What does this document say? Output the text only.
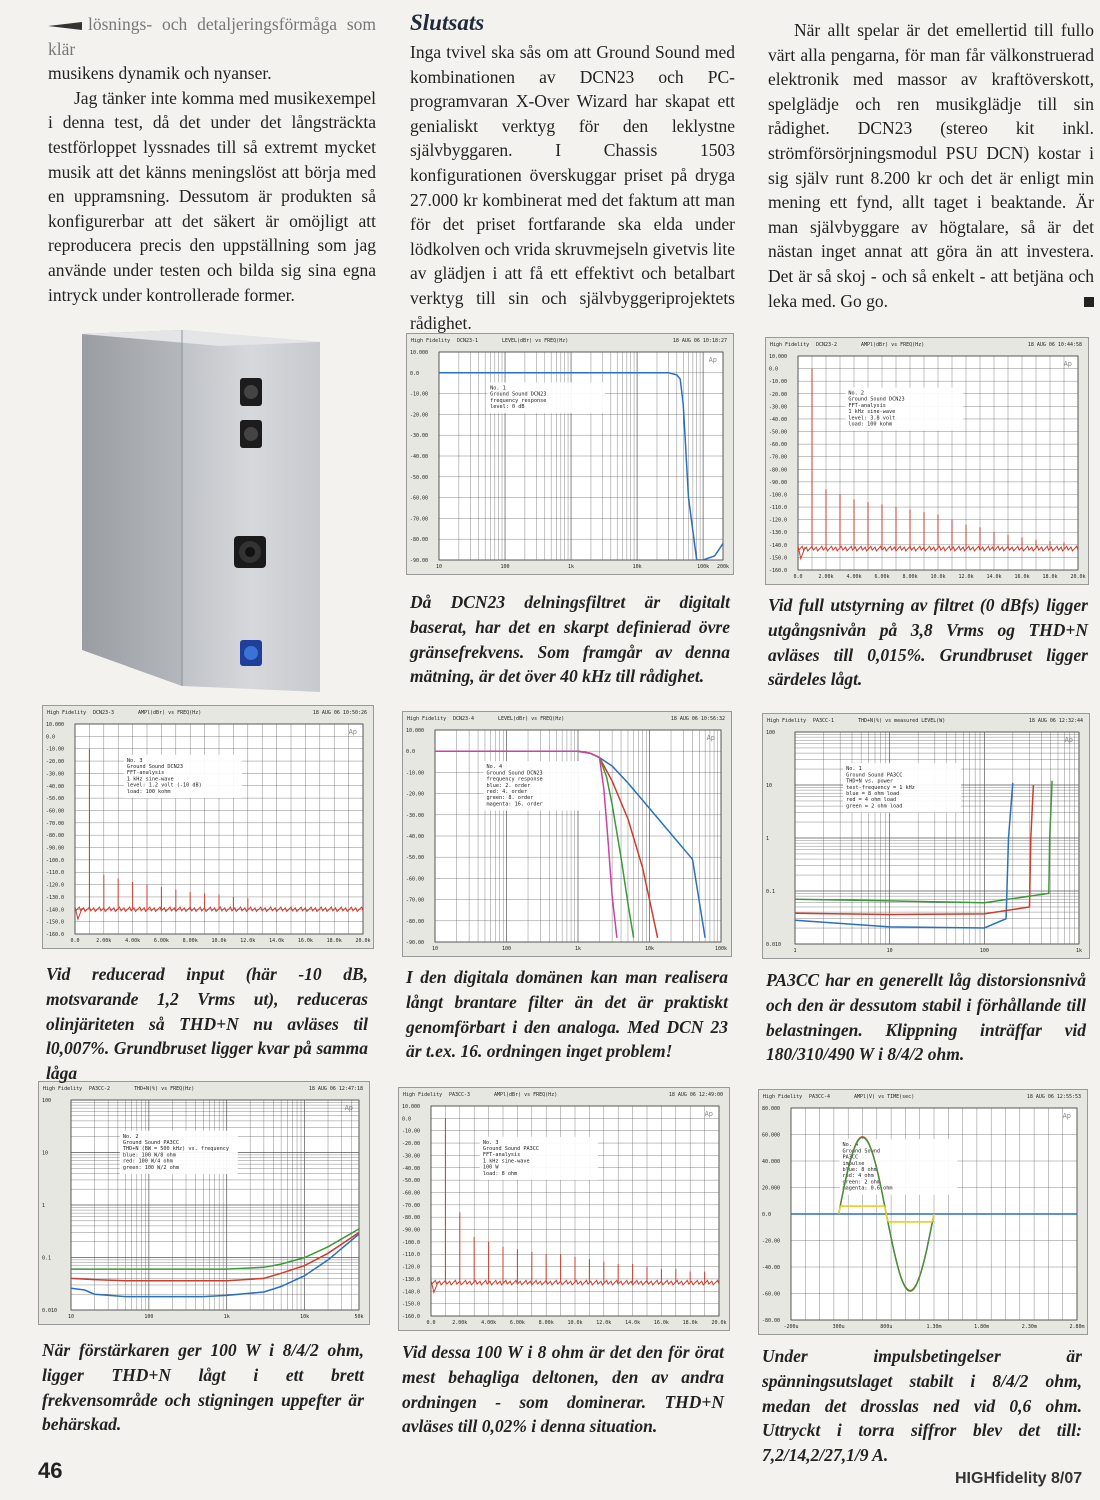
lösnings- och detaljeringsförmåga som klär

musikens dynamik och nyanser.

Jag tänker inte komma med musikexempel i denna test, då det under det långsträckta testförloppet lyssnades till så extremt mycket musik att det känns meningslöst att börja med en uppramsning. Dessutom är produkten så konfigurerbar att det säkert är omöjligt att reproducera precis den uppställning som jag använde under testen och bilda sig sina egna intryck under kontrollerade former.

Slutsats

Inga tvivel ska sås om att Ground Sound med kombinationen av DCN23 och PC-programvaran X-Over Wizard har skapat ett genialiskt verktyg för den leklystne självbyggaren. I Chassis 1503 konfigurationen överskuggar priset på dryga 27.000 kr kombinerat med det faktum att man för det priset fortfarande ska elda under lödkolven och vrida skruvmejseln givetvis lite av glädjen i att få ett effektivt och betalbart verktyg till sin och självbyggeriprojektets rådighet.

När allt spelar är det emellertid till fullo värt alla pengarna, för man får välkonstruerad elektronik med massor av kraftöverskott, spelglädje och ren musikglädje till sin rådighet. DCN23 (stereo kit inkl. strömförsörjningsmodul PSU DCN) kostar i sig själv runt 8.200 kr och det är enligt min mening ett fynd, allt taget i beaktande. Är man självbyggare av högtalare, så är det nästan inget annat att göra än att investera. Det är så skoj - och så enkelt - att betjäna och leka med. Go go.

High Fidelity DCN23-1	LEVEL(dBr) vs FREQ(Hz)	18 AUG 06 10:18:27
Ap
10.000
0.0
-10.00
-20.00
-30.00
-40.00
-50.00
-60.00
-70.00
-80.00
-90.00
10	100	1k	10k	100k 200k
No. 1
Ground Sound DCN23
frequency response
level: 0 dB
High Fidelity DCN23-2	AMPl(dBr) vs FREQ(Hz)	18 AUG 06 10:44:58
Ap
10.000
0.0
-10.00
-20.00
-30.00
-40.00
-50.00
-60.00
-70.00
-80.00
-90.00
-100.0
-110.0
-120.0
-130.0
-140.0
-150.0
-160.0
0.0	2.00k	4.00k	6.00k	8.00k	10.0k	12.0k	14.0k	16.0k	18.0k	20.0k
No. 2
Ground Sound DCN23
FFT-analysis
1 kHz sine-wave
level: 3.8 volt
load: 100 kohm
High Fidelity DCN23-3	AMPl(dBr) vs FREQ(Hz)	18 AUG 06 10:50:26
Ap
10.000
0.0
-10.00
-20.00
-30.00
-40.00
-50.00
-60.00
-70.00
-80.00
-90.00
-100.0
-110.0
-120.0
-130.0
-140.0
-150.0
-160.0
0.0	2.00k	4.00k	6.00k	8.00k	10.0k	12.0k	14.0k	16.0k	18.0k	20.0k
No. 3
Ground Sound DCN23
FFT-analysis
1 kHz sine-wave
level: 1.2 volt (-10 dB)
load: 100 kohm
High Fidelity DCN23-4	LEVEL(dBr) vs FREQ(Hz)	18 AUG 06 10:56:32
Ap
10.000
0.0
-10.00
-20.00
-30.00
-40.00
-50.00
-60.00
-70.00
-80.00
-90.00
10	100	1k	10k	100k
No. 4
Ground Sound DCN23
frequency response
blue: 2. order
red: 4. order
green: 8. order
magenta: 16. order
High Fidelity PA3CC-1	THD+N(%) vs measured LEVEL(W)	18 AUG 06 12:32:44
Ap
100
10
1
0.1
0.010
1	10	100	1k
No. 1
Ground Sound PA3CC
THD+N vs. power
test-frequency = 1 kHz
blue = 8 ohm load
red = 4 ohm load
green = 2 ohm load
High Fidelity PA3CC-2	THD+N(%) vs FREQ(Hz)	18 AUG 06 12:47:18
Ap
100
10
1
0.1
0.010
10	100	1k	10k	50k
No. 2
Ground Sound PA3CC
THD+N (BW = 500 kHz) vs. frequency
blue: 100 W/8 ohm
red: 100 W/4 ohm
green: 100 W/2 ohm
High Fidelity PA3CC-3	AMPl(dBr) vs FREQ(Hz)	18 AUG 06 12:49:00
Ap
10.000
0.0
-10.00
-20.00
-30.00
-40.00
-50.00
-60.00
-70.00
-80.00
-90.00
-100.0
-110.0
-120.0
-130.0
-140.0
-150.0
-160.0
0.0	2.00k	4.00k	6.00k	8.00k	10.0k	12.0k	14.0k	16.0k	18.0k	20.0k
No. 3
Ground Sound PA3CC
FFT-analysis
1 kHz sine-wave
100 W
load: 8 ohm
High Fidelity PA3CC-4	AMPl(V) vs TIME(sec)	18 AUG 06 12:55:53
Ap
80.000
60.000
40.000
20.000
0.0
-20.00
-40.00
-60.00
-80.00
-200u	300u	800u	1.30m	1.80m	2.30m	2.80m
No. 4
Ground Sound
PA3CC
impulse
blue: 8 ohm
red: 4 ohm
green: 2 ohm
magenta: 0.6 ohm
Då DCN23 delningsfiltret är digitalt baserat, har det en skarpt definierad övre gränsefrekvens. Som framgår av denna mätning, är det över 40 kHz till rådighet.
Vid full utstyrning av filtret (0 dBfs) ligger utgångsnivån på 3,8 Vrms og THD+N avläses till 0,015%. Grundbruset ligger särdeles lågt.
Vid reducerad input (här -10 dB, motsvarande 1,2 Vrms ut), reduceras olinjäriteten så THD+N nu avläses til l0,007%. Grundbruset ligger kvar på samma låga
I den digitala domänen kan man realisera långt brantare filter än det är praktiskt genomförbart i den analoga. Med DCN 23 är t.ex. 16. ordningen inget problem!
PA3CC har en generellt låg distorsionsnivå och den är dessutom stabil i förhållande till belastningen. Klippning inträffar vid 180/310/490 W i 8/4/2 ohm.
När förstärkaren ger 100 W i 8/4/2 ohm, ligger THD+N lågt i ett brett frekvensområde och stigningen uppefter är behärskad.
Vid dessa 100 W i 8 ohm är det den för örat mest behagliga deltonen, den av andra ordningen - som dominerar. THD+N avläses till 0,02% i denna situation.
Under impulsbetingelser är spänningsutslaget stabilt i 8/4/2 ohm, medan det drosslas ned vid 0,6 ohm. Uttryckt i torra siffror blev det till: 7,2/14,2/27,1/9 A.
46	HIGHfidelity 8/07
